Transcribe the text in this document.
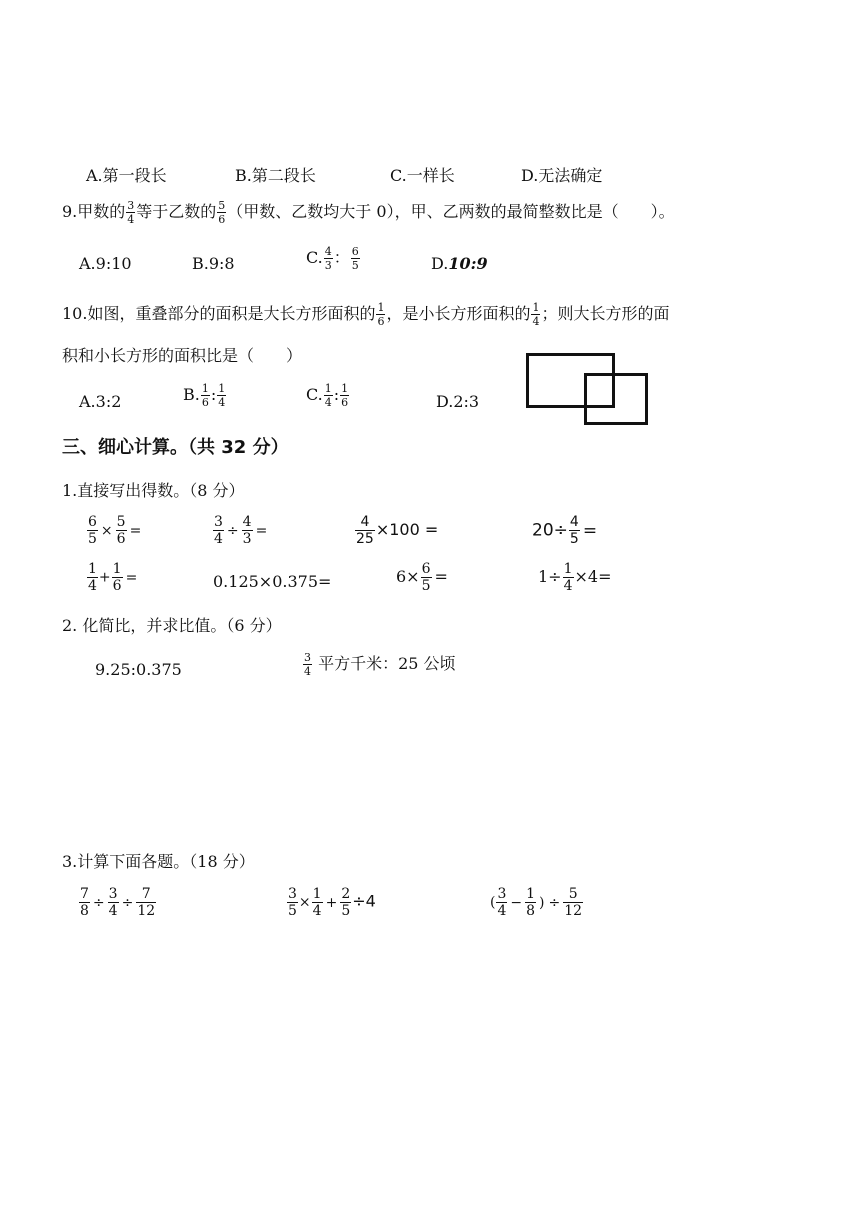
A.第一段长	B.第二段长	C.一样长	D.无法确定
9.甲数的 $\frac{3}{4}$ 等于乙数的 $\frac{5}{6}$ （甲数、乙数均大于 0），甲、乙两数的最简整数比是（　　）。
A.9:10	B.9:8	C. $\frac{4}{3}$ ： $\frac{6}{5}$	D.10:9
10.如图，重叠部分的面积是大长方形面积的 $\frac{1}{6}$ ，是小长方形面积的 $\frac{1}{4}$ ；则大长方形的面
积和小长方形的面积比是（　　）
A.3:2	B. $\frac{1}{6}$ : $\frac{1}{4}$	C. $\frac{1}{4}$ : $\frac{1}{6}$	D.2:3
三、细心计算。（共 32 分）
1.直接写出得数。（8 分）
$\frac{6}{5} \times \frac{5}{6}$ =	$\frac{3}{4} \div \frac{4}{3}$ =	$\frac{4}{25} \times 100$ =	$20\div \frac{4}{5}$ =
$\frac{1}{4} + \frac{1}{6}$ =	0.125×0.375=	$6\times \frac{6}{5}$ =	$1\div \frac{1}{4} \times 4=$
2. 化简比，并求比值。（6 分）
9.25:0.375	$\frac{3}{4}$ 平方千米：25 公顷
3.计算下面各题。（18 分）
$\frac{7}{8} \div \frac{3}{4} \div \frac{7}{12}$	$\frac{3}{5} \times \frac{1}{4} + \frac{2}{5} \div 4$	( $\frac{3}{4} - \frac{1}{8}$ ) ÷ $\frac{5}{12}$
